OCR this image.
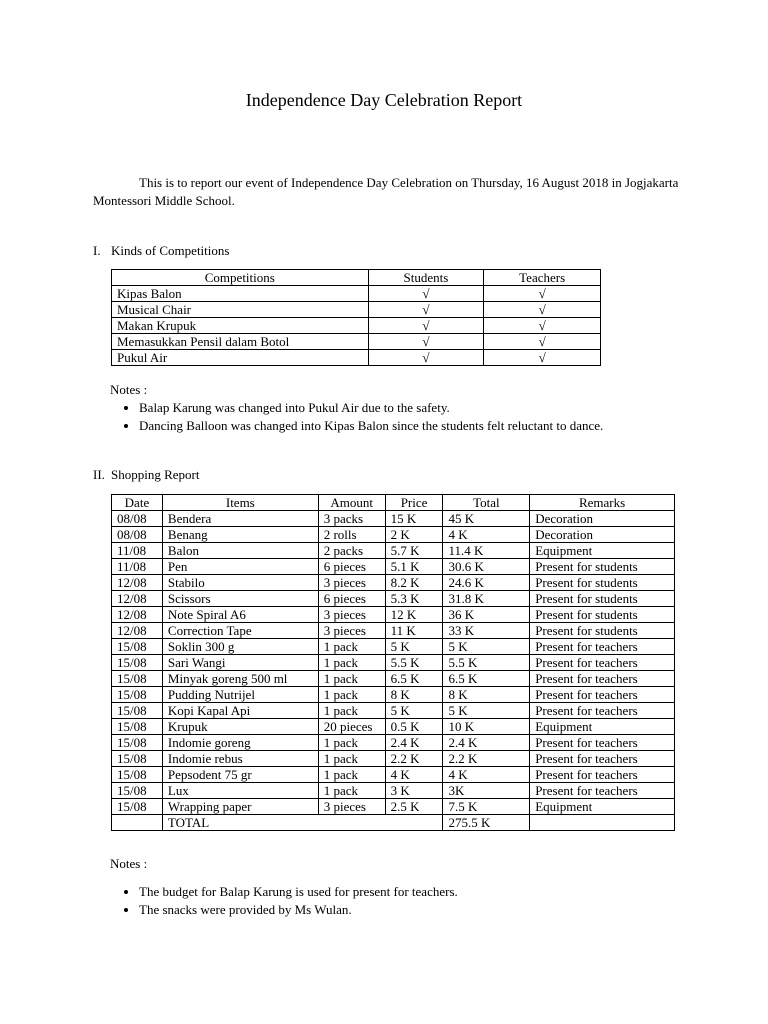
Independence Day Celebration Report
This is to report our event of Independence Day Celebration on Thursday, 16 August 2018 in Jogjakarta Montessori Middle School.
I. Kinds of Competitions
Competitions	Students	Teachers
Kipas Balon	√	√
Musical Chair	√	√
Makan Krupuk	√	√
Memasukkan Pensil dalam Botol	√	√
Pukul Air	√	√
Notes :
• Balap Karung was changed into Pukul Air due to the safety.
• Dancing Balloon was changed into Kipas Balon since the students felt reluctant to dance.
II. Shopping Report
Date	Items	Amount	Price	Total	Remarks
08/08	Bendera	3 packs	15 K	45 K	Decoration
08/08	Benang	2 rolls	2 K	4 K	Decoration
11/08	Balon	2 packs	5.7 K	11.4 K	Equipment
11/08	Pen	6 pieces	5.1 K	30.6 K	Present for students
12/08	Stabilo	3 pieces	8.2 K	24.6 K	Present for students
12/08	Scissors	6 pieces	5.3 K	31.8 K	Present for students
12/08	Note Spiral A6	3 pieces	12 K	36 K	Present for students
12/08	Correction Tape	3 pieces	11 K	33 K	Present for students
15/08	Soklin 300 g	1 pack	5 K	5 K	Present for teachers
15/08	Sari Wangi	1 pack	5.5 K	5.5 K	Present for teachers
15/08	Minyak goreng 500 ml	1 pack	6.5 K	6.5 K	Present for teachers
15/08	Pudding Nutrijel	1 pack	8 K	8 K	Present for teachers
15/08	Kopi Kapal Api	1 pack	5 K	5 K	Present for teachers
15/08	Krupuk	20 pieces	0.5 K	10 K	Equipment
15/08	Indomie goreng	1 pack	2.4 K	2.4 K	Present for teachers
15/08	Indomie rebus	1 pack	2.2 K	2.2 K	Present for teachers
15/08	Pepsodent 75 gr	1 pack	4 K	4 K	Present for teachers
15/08	Lux	1 pack	3 K	3K	Present for teachers
15/08	Wrapping paper	3 pieces	2.5 K	7.5 K	Equipment
	TOTAL			275.5 K	
Notes :
• The budget for Balap Karung is used for present for teachers.
• The snacks were provided by Ms Wulan.
